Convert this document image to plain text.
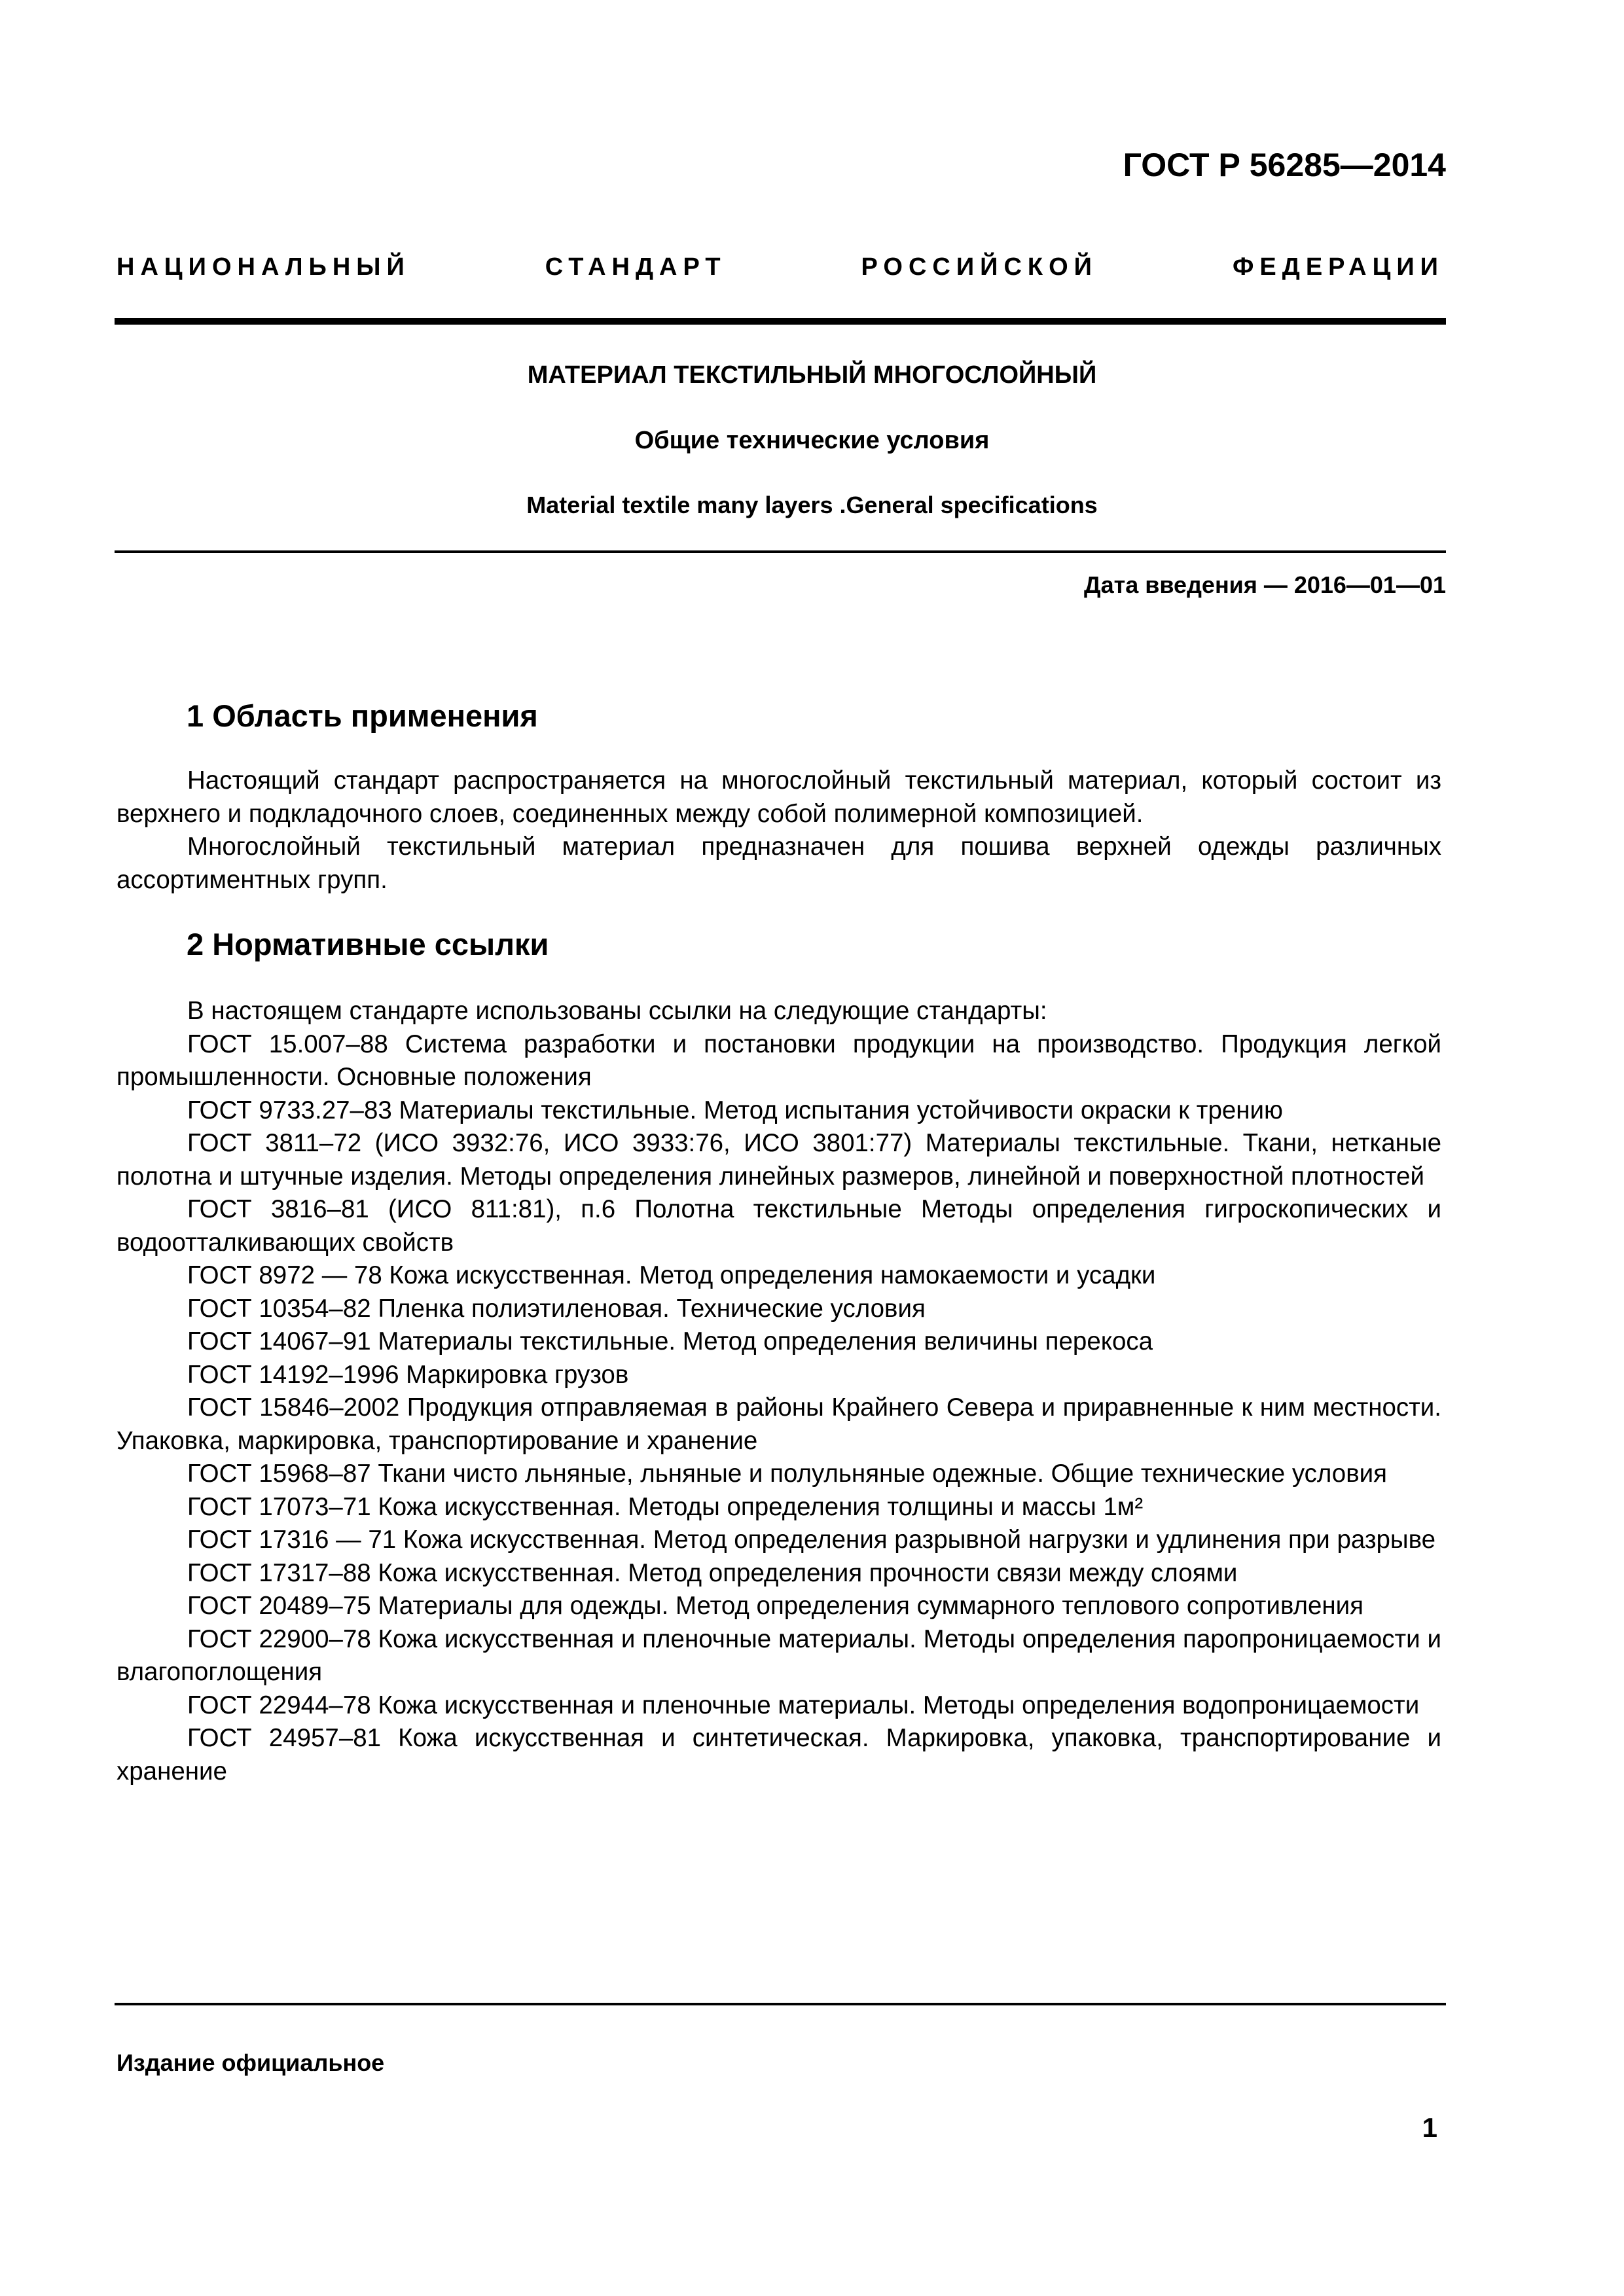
ГОСТ Р 56285—2014
НАЦИОНАЛЬНЫЙ СТАНДАРТ РОССИЙСКОЙ ФЕДЕРАЦИИ
МАТЕРИАЛ ТЕКСТИЛЬНЫЙ МНОГОСЛОЙНЫЙ
Общие технические условия
Material textile many layers .General specifications
Дата введения — 2016—01—01
1 Область применения

Настоящий стандарт распространяется на многослойный текстильный материал, который состоит из верхнего и подкладочного слоев, соединенных между собой полимерной композицией.

Многослойный текстильный материал предназначен для пошива верхней одежды различных ассортиментных групп.

2 Нормативные ссылки

В настоящем стандарте использованы ссылки на следующие стандарты:

ГОСТ 15.007–88 Система разработки и постановки продукции на производство. Продукция легкой промышленности. Основные положения

ГОСТ 9733.27–83 Материалы текстильные. Метод испытания устойчивости окраски к трению

ГОСТ 3811–72 (ИСО 3932:76, ИСО 3933:76, ИСО 3801:77) Материалы текстильные. Ткани, нетканые полотна и штучные изделия. Методы определения линейных размеров, линейной и поверхностной плотностей

ГОСТ 3816–81 (ИСО 811:81), п.6 Полотна текстильные Методы определения гигроскопических и водоотталкивающих свойств

ГОСТ 8972 — 78 Кожа искусственная. Метод определения намокаемости и усадки

ГОСТ 10354–82 Пленка полиэтиленовая. Технические условия

ГОСТ 14067–91 Материалы текстильные. Метод определения величины перекоса

ГОСТ 14192–1996 Маркировка грузов

ГОСТ 15846–2002 Продукция отправляемая в районы Крайнего Севера и приравненные к ним местности. Упаковка, маркировка, транспортирование и хранение

ГОСТ 15968–87 Ткани чисто льняные, льняные и полульняные одежные. Общие технические условия

ГОСТ 17073–71 Кожа искусственная. Методы определения толщины и массы 1м²

ГОСТ 17316 — 71 Кожа искусственная. Метод определения разрывной нагрузки и удлинения при разрыве

ГОСТ 17317–88 Кожа искусственная. Метод определения прочности связи между слоями

ГОСТ 20489–75 Материалы для одежды. Метод определения суммарного теплового сопротивления

ГОСТ 22900–78 Кожа искусственная и пленочные материалы. Методы определения паропроницаемости и влагопоглощения

ГОСТ 22944–78 Кожа искусственная и пленочные материалы. Методы определения водопроницаемости

ГОСТ 24957–81 Кожа искусственная и синтетическая. Маркировка, упаковка, транспортирование и хранение

Издание официальное
1
